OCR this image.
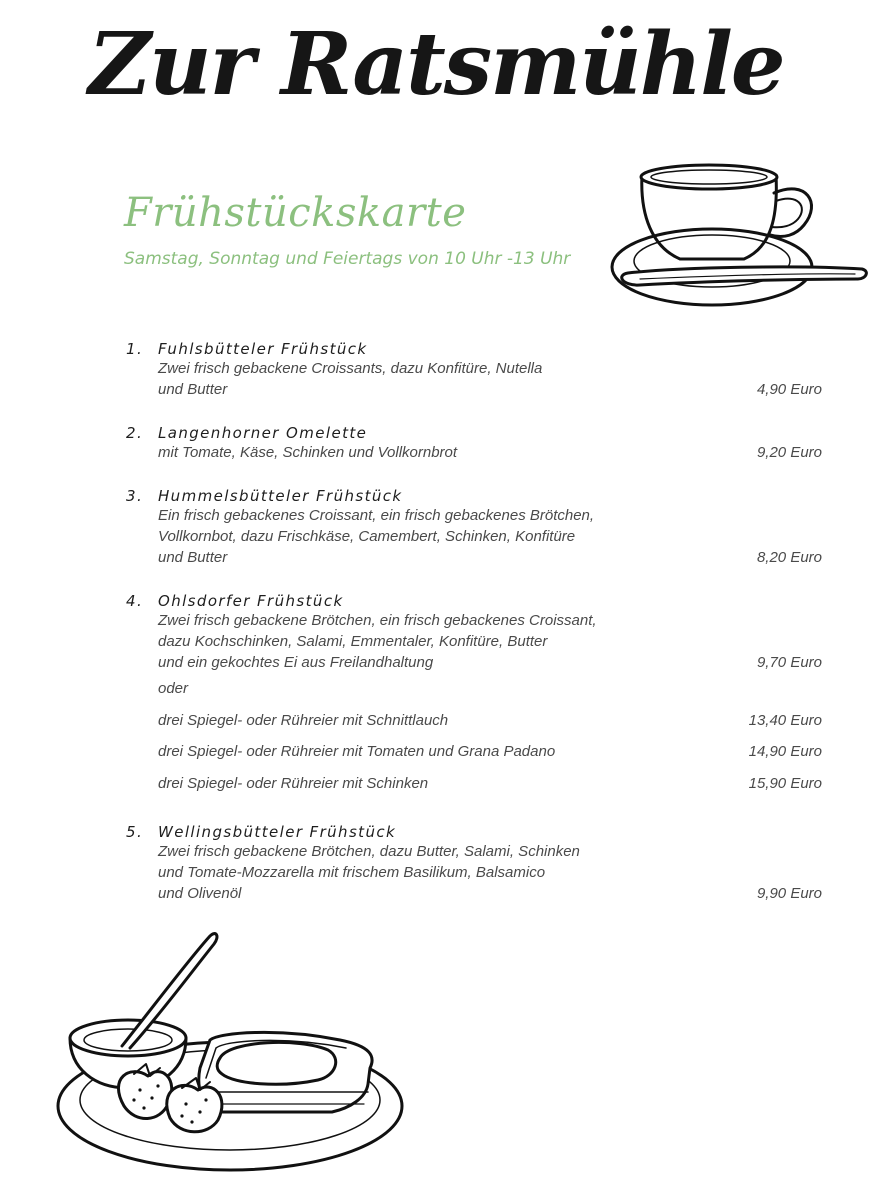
Zur Ratsmühle
Frühstückskarte
Samstag, Sonntag und Feiertags von 10 Uhr -13 Uhr
1. Fuhlsbütteler Frühstück
Zwei frisch gebackene Croissants, dazu Konfitüre, Nutella
und Butter	4,90 Euro
2. Langenhorner Omelette
mit Tomate, Käse, Schinken und Vollkornbrot	9,20 Euro
3. Hummelsbütteler Frühstück
Ein frisch gebackenes Croissant, ein frisch gebackenes Brötchen,
Vollkornbot, dazu Frischkäse, Camembert, Schinken, Konfitüre
und Butter	8,20 Euro
4. Ohlsdorfer Frühstück
Zwei frisch gebackene Brötchen, ein frisch gebackenes Croissant,
dazu Kochschinken, Salami, Emmentaler, Konfitüre, Butter
und ein gekochtes Ei aus Freilandhaltung	9,70 Euro
oder
drei Spiegel- oder Rühreier mit Schnittlauch	13,40 Euro
drei Spiegel- oder Rühreier mit Tomaten und Grana Padano	14,90 Euro
drei Spiegel- oder Rühreier mit Schinken	15,90 Euro
5. Wellingsbütteler Frühstück
Zwei frisch gebackene Brötchen, dazu Butter, Salami, Schinken
und Tomate-Mozzarella mit frischem Basilikum, Balsamico
und Olivenöl	9,90 Euro
